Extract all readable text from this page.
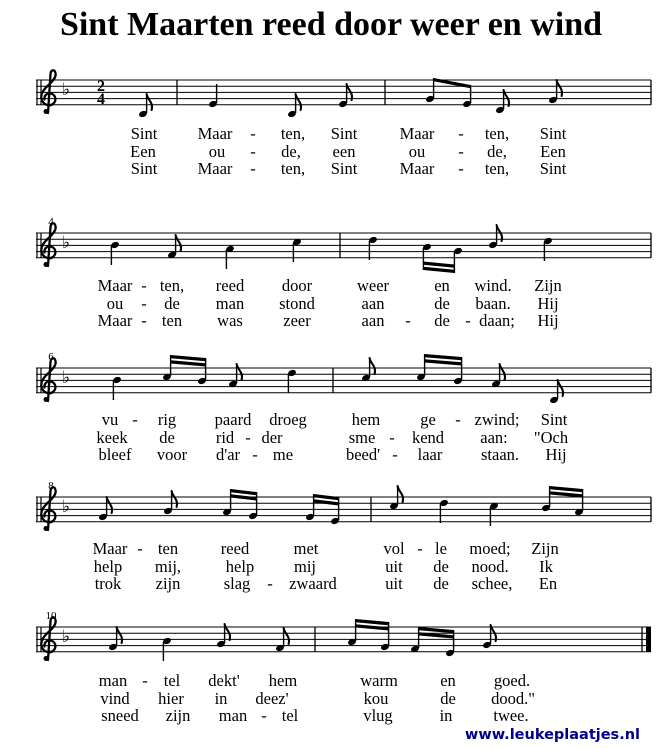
Sint Maarten reed door weer en wind
♭ 2
4
♭
♭
♭
♭
Sint Maar - ten, Sint	Maar - ten, Sint
Een	ou - de, een	ou - de, Een
Sint Maar - ten, Sint	Maar - ten, Sint
Maar - ten, reed door	weer	en wind. Zijn
ou - de man stond	aan	de baan. Hij
Maar - ten was zeer	aan - de - daan; Hij
vu - rig paard droeg	hem ge - zwind; Sint
keek de rid - der	sme - kend aan: "Och
bleef voor d'ar - me	beed' - laar staan. Hij
Maar - ten	reed	met	vol - le moed; Zijn
help mij,	help mij	uit de nood. Ik
trok zijn	slag - zwaard	uit de schee, En
man - tel dekt' hem	warm	en goed.
vind hier in deez'	kou	de dood."
sneed zijn man - tel	vlug	in twee.
4
6
8
10
www.leukeplaatjes.nl
